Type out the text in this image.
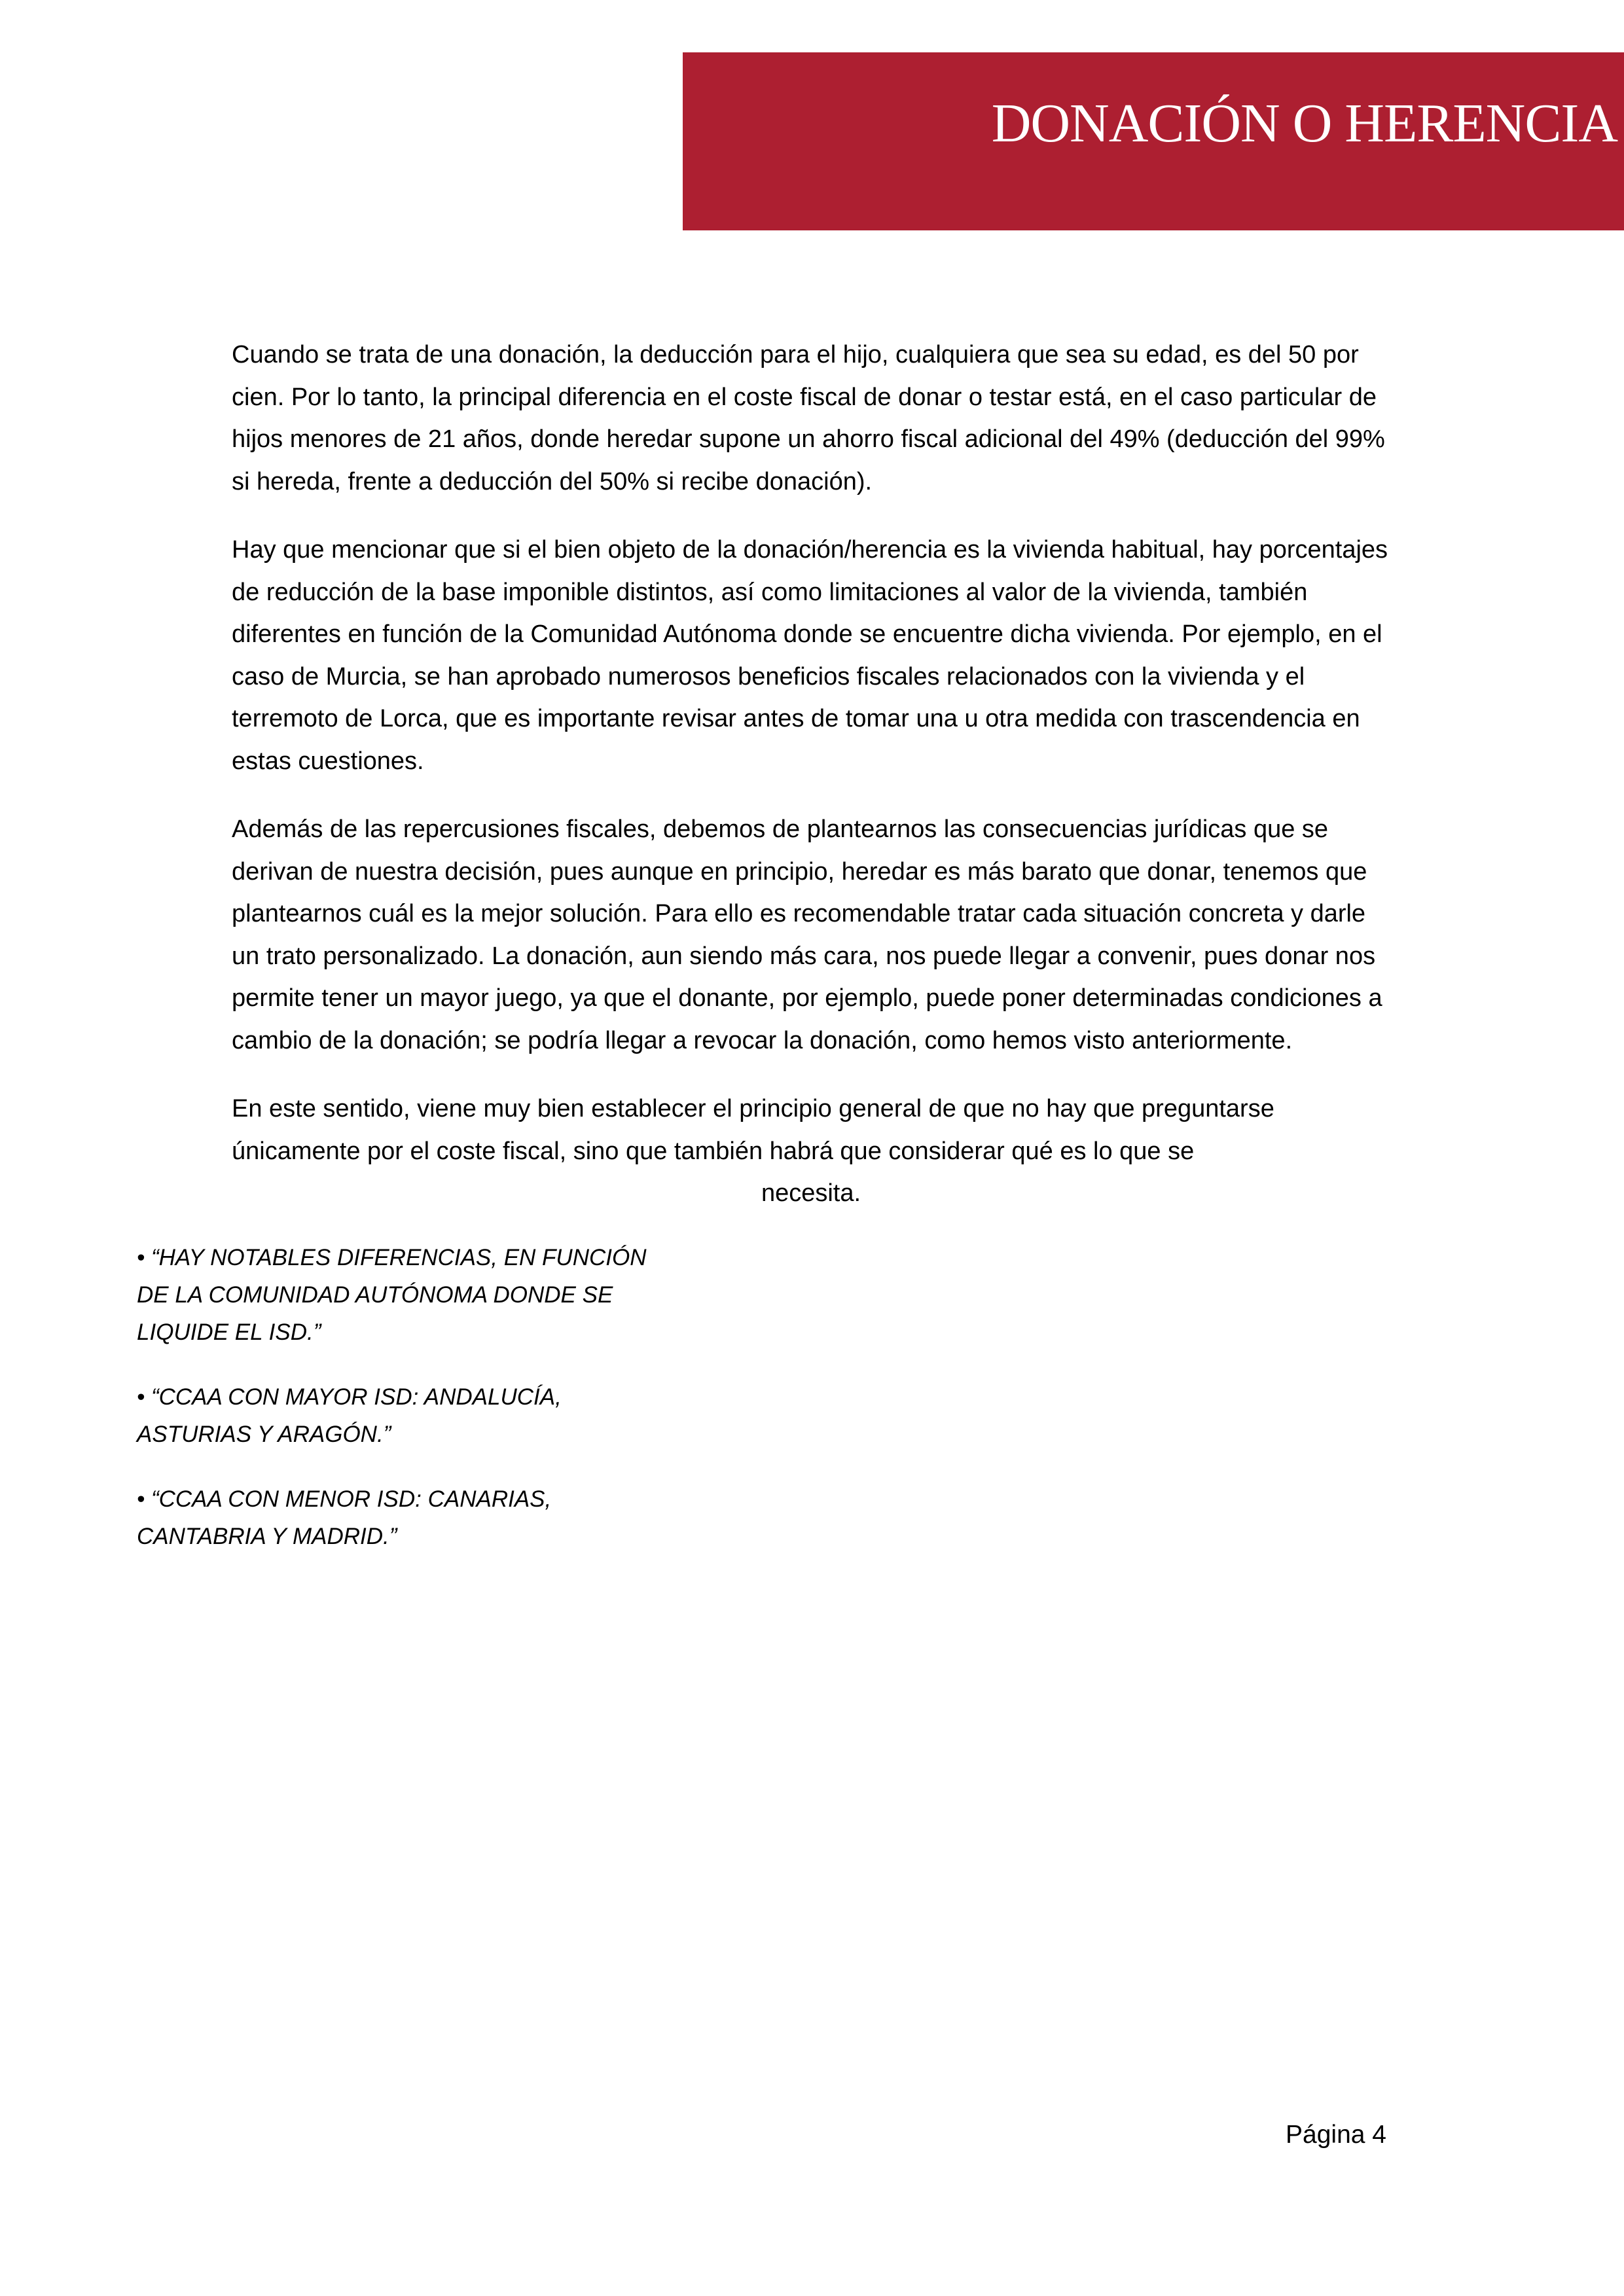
DONACIÓN O HERENCIA

Cuando se trata de una donación, la deducción para el hijo, cualquiera que sea su edad, es del 50 por cien. Por lo tanto, la principal diferencia en el coste fiscal de donar o testar está, en el caso particular de hijos menores de 21 años, donde heredar supone un ahorro fiscal adicional del 49% (deducción del 99% si hereda, frente a deducción del 50% si recibe donación).

Hay que mencionar que si el bien objeto de la donación/herencia es la vivienda habitual, hay porcentajes de reducción de la base imponible distintos, así como limitaciones al valor de la vivienda, también diferentes en función de la Comunidad Autónoma donde se encuentre dicha vivienda. Por ejemplo, en el caso de Murcia, se han aprobado numerosos beneficios fiscales relacionados con la vivienda y el terremoto de Lorca, que es importante revisar antes de tomar una u otra medida con trascendencia en estas cuestiones.

Además de las repercusiones fiscales, debemos de plantearnos las consecuencias jurídicas que se derivan de nuestra decisión, pues aunque en principio, heredar es más barato que donar, tenemos que plantearnos cuál es la mejor solución. Para ello es recomendable tratar cada situación concreta y darle un trato personalizado. La donación, aun siendo más cara, nos puede llegar a convenir, pues donar nos permite tener un mayor juego, ya que el donante, por ejemplo, puede poner determinadas condiciones a cambio de la donación; se podría llegar a revocar la donación, como hemos visto anteriormente.

En este sentido, viene muy bien establecer el principio general de que no hay que preguntarse únicamente por el coste fiscal, sino que también habrá que considerar qué es lo que se

necesita.

• “HAY NOTABLES DIFERENCIAS, EN FUNCIÓN DE LA COMUNIDAD AUTÓNOMA DONDE SE LIQUIDE EL ISD.”

• “CCAA CON MAYOR ISD: ANDALUCÍA, ASTURIAS Y ARAGÓN.”

• “CCAA CON MENOR ISD: CANARIAS, CANTABRIA Y MADRID.”

Página 4
